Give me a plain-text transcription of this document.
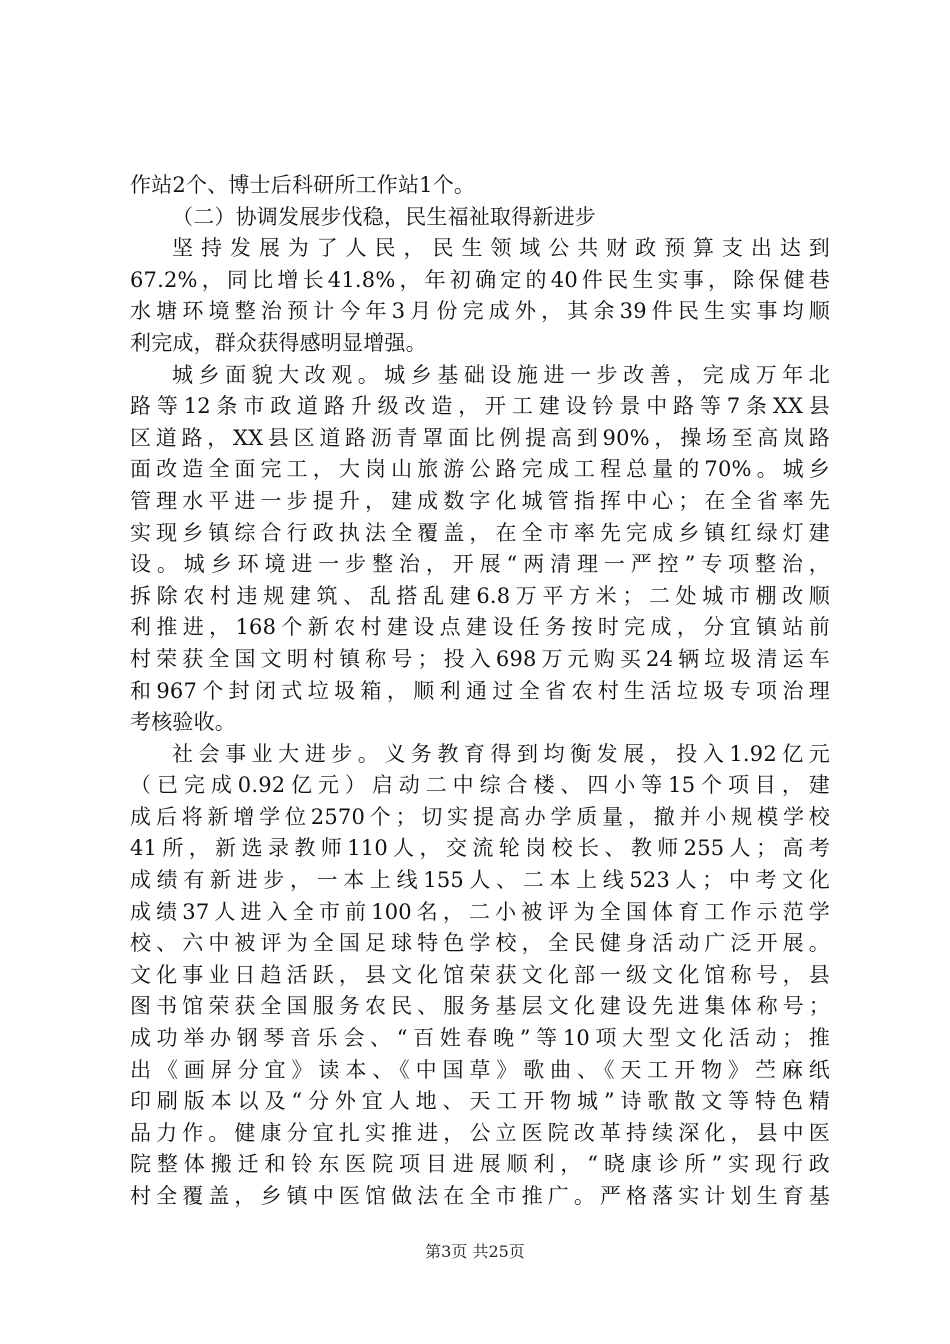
作站2个、博士后科研所工作站1个。
（二）协调发展步伐稳，民生福祉取得新进步
坚持发展为了人民，民生领域公共财政预算支出达到
67.2%，同比增长41.8%，年初确定的40件民生实事，除保健巷
水塘环境整治预计今年3月份完成外，其余39件民生实事均顺
利完成，群众获得感明显增强。
城乡面貌大改观。城乡基础设施进一步改善，完成万年北
路等12条市政道路升级改造，开工建设钤景中路等7条XX县
区道路，XX县区道路沥青罩面比例提高到90%，操场至高岚路
面改造全面完工，大岗山旅游公路完成工程总量的70%。城乡
管理水平进一步提升，建成数字化城管指挥中心；在全省率先
实现乡镇综合行政执法全覆盖，在全市率先完成乡镇红绿灯建
设。城乡环境进一步整治，开展“两清理一严控”专项整治，
拆除农村违规建筑、乱搭乱建6.8万平方米；二处城市棚改顺
利推进，168个新农村建设点建设任务按时完成，分宜镇站前
村荣获全国文明村镇称号；投入698万元购买24辆垃圾清运车
和967个封闭式垃圾箱，顺利通过全省农村生活垃圾专项治理
考核验收。
社会事业大进步。义务教育得到均衡发展，投入1.92亿元
（已完成0.92亿元）启动二中综合楼、四小等15个项目，建
成后将新增学位2570个；切实提高办学质量，撤并小规模学校
41所，新选录教师110人，交流轮岗校长、教师255人；高考
成绩有新进步，一本上线155人、二本上线523人；中考文化
成绩37人进入全市前100名，二小被评为全国体育工作示范学
校、六中被评为全国足球特色学校，全民健身活动广泛开展。
文化事业日趋活跃，县文化馆荣获文化部一级文化馆称号，县
图书馆荣获全国服务农民、服务基层文化建设先进集体称号；
成功举办钢琴音乐会、“百姓春晚”等10项大型文化活动；推
出《画屏分宜》读本、《中国草》歌曲、《天工开物》苎麻纸
印刷版本以及“分外宜人地、天工开物城”诗歌散文等特色精
品力作。健康分宜扎实推进，公立医院改革持续深化，县中医
院整体搬迁和铃东医院项目进展顺利，“晓康诊所”实现行政
村全覆盖，乡镇中医馆做法在全市推广。严格落实计划生育基
第3页 共25页
